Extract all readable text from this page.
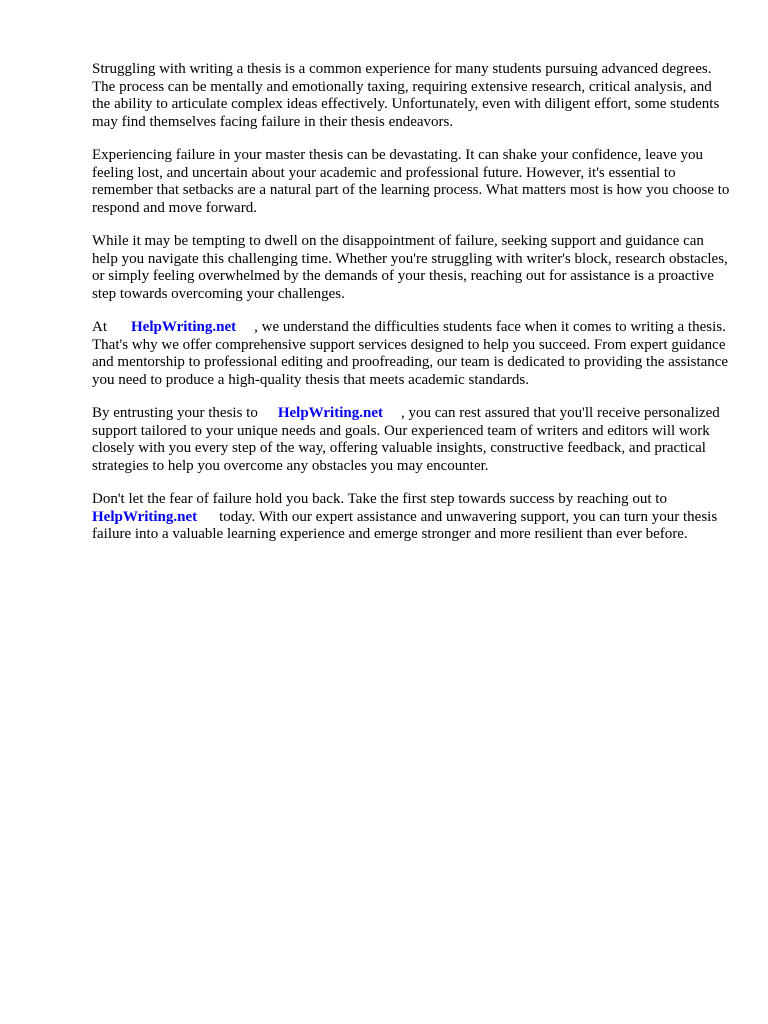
Struggling with writing a thesis is a common experience for many students pursuing advanced degrees. The process can be mentally and emotionally taxing, requiring extensive research, critical analysis, and the ability to articulate complex ideas effectively. Unfortunately, even with diligent effort, some students may find themselves facing failure in their thesis endeavors.

Experiencing failure in your master thesis can be devastating. It can shake your confidence, leave you feeling lost, and uncertain about your academic and professional future. However, it's essential to remember that setbacks are a natural part of the learning process. What matters most is how you choose to respond and move forward.

While it may be tempting to dwell on the disappointment of failure, seeking support and guidance can help you navigate this challenging time. Whether you're struggling with writer's block, research obstacles, or simply feeling overwhelmed by the demands of your thesis, reaching out for assistance is a proactive step towards overcoming your challenges.

At HelpWriting.net , we understand the difficulties students face when it comes to writing a thesis. That's why we offer comprehensive support services designed to help you succeed. From expert guidance and mentorship to professional editing and proofreading, our team is dedicated to providing the assistance you need to produce a high-quality thesis that meets academic standards.

By entrusting your thesis to HelpWriting.net , you can rest assured that you'll receive personalized support tailored to your unique needs and goals. Our experienced team of writers and editors will work closely with you every step of the way, offering valuable insights, constructive feedback, and practical strategies to help you overcome any obstacles you may encounter.

Don't let the fear of failure hold you back. Take the first step towards success by reaching out to HelpWriting.net today. With our expert assistance and unwavering support, you can turn your thesis failure into a valuable learning experience and emerge stronger and more resilient than ever before.
